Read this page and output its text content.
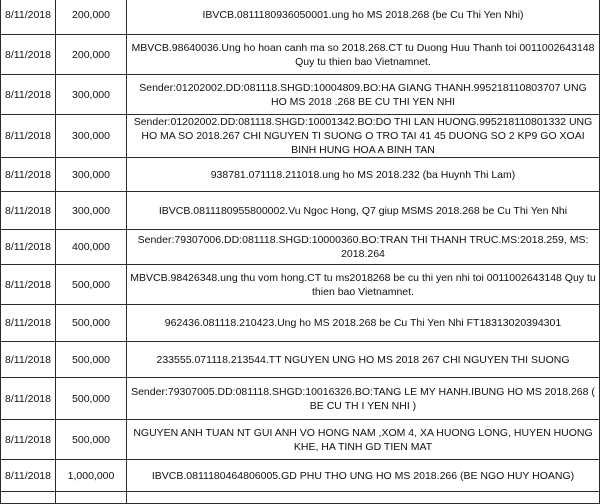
8/11/2018	200,000	IBVCB.0811180936050001.ung ho MS 2018.268 (be Cu Thi Yen Nhi)
8/11/2018	200,000	MBVCB.98640036.Ung ho hoan canh ma so 2018.268.CT tu Duong Huu Thanh toi 0011002643148 Quy tu thien bao Vietnamnet.
8/11/2018	300,000	Sender:01202002.DD:081118.SHGD:10004809.BO:HA GIANG THANH.995218110803707 UNG HO MS 2018 .268 BE CU THI YEN NHI
8/11/2018	300,000	Sender:01202002.DD:081118.SHGD:10001342.BO:DO THI LAN HUONG.995218110801332 UNG HO MA SO 2018.267 CHI NGUYEN TI SUONG O TRO TAI 41 45 DUONG SO 2 KP9 GO XOAI BINH HUNG HOA A BINH TAN
8/11/2018	300,000	938781.071118.211018.ung ho MS 2018.232 (ba Huynh Thi Lam)
8/11/2018	300,000	IBVCB.0811180955800002.Vu Ngoc Hong, Q7 giup MSMS 2018.268 be Cu Thi Yen Nhi
8/11/2018	400,000	Sender:79307006.DD:081118.SHGD:10000360.BO:TRAN THI THANH TRUC.MS:2018.259, MS: 2018.264
8/11/2018	500,000	MBVCB.98426348.ung thu vom hong.CT tu ms2018268 be cu thi yen nhi toi 0011002643148 Quy tu thien bao Vietnamnet.
8/11/2018	500,000	962436.081118.210423.Ung ho MS 2018.268 be Cu Thi Yen Nhi FT18313020394301
8/11/2018	500,000	233555.071118.213544.TT NGUYEN UNG HO MS 2018 267 CHI NGUYEN THI SUONG
8/11/2018	500,000	Sender:79307005.DD:081118.SHGD:10016326.BO:TANG LE MY HANH.IBUNG HO MS 2018.268 ( BE CU TH I YEN NHI )
8/11/2018	500,000	NGUYEN ANH TUAN NT GUI ANH VO HONG NAM ,XOM 4, XA HUONG LONG, HUYEN HUONG KHE, HA TINH GD TIEN MAT
8/11/2018	1,000,000	IBVCB.0811180464806005.GD PHU THO UNG HO MS 2018.266 (BE NGO HUY HOANG)
